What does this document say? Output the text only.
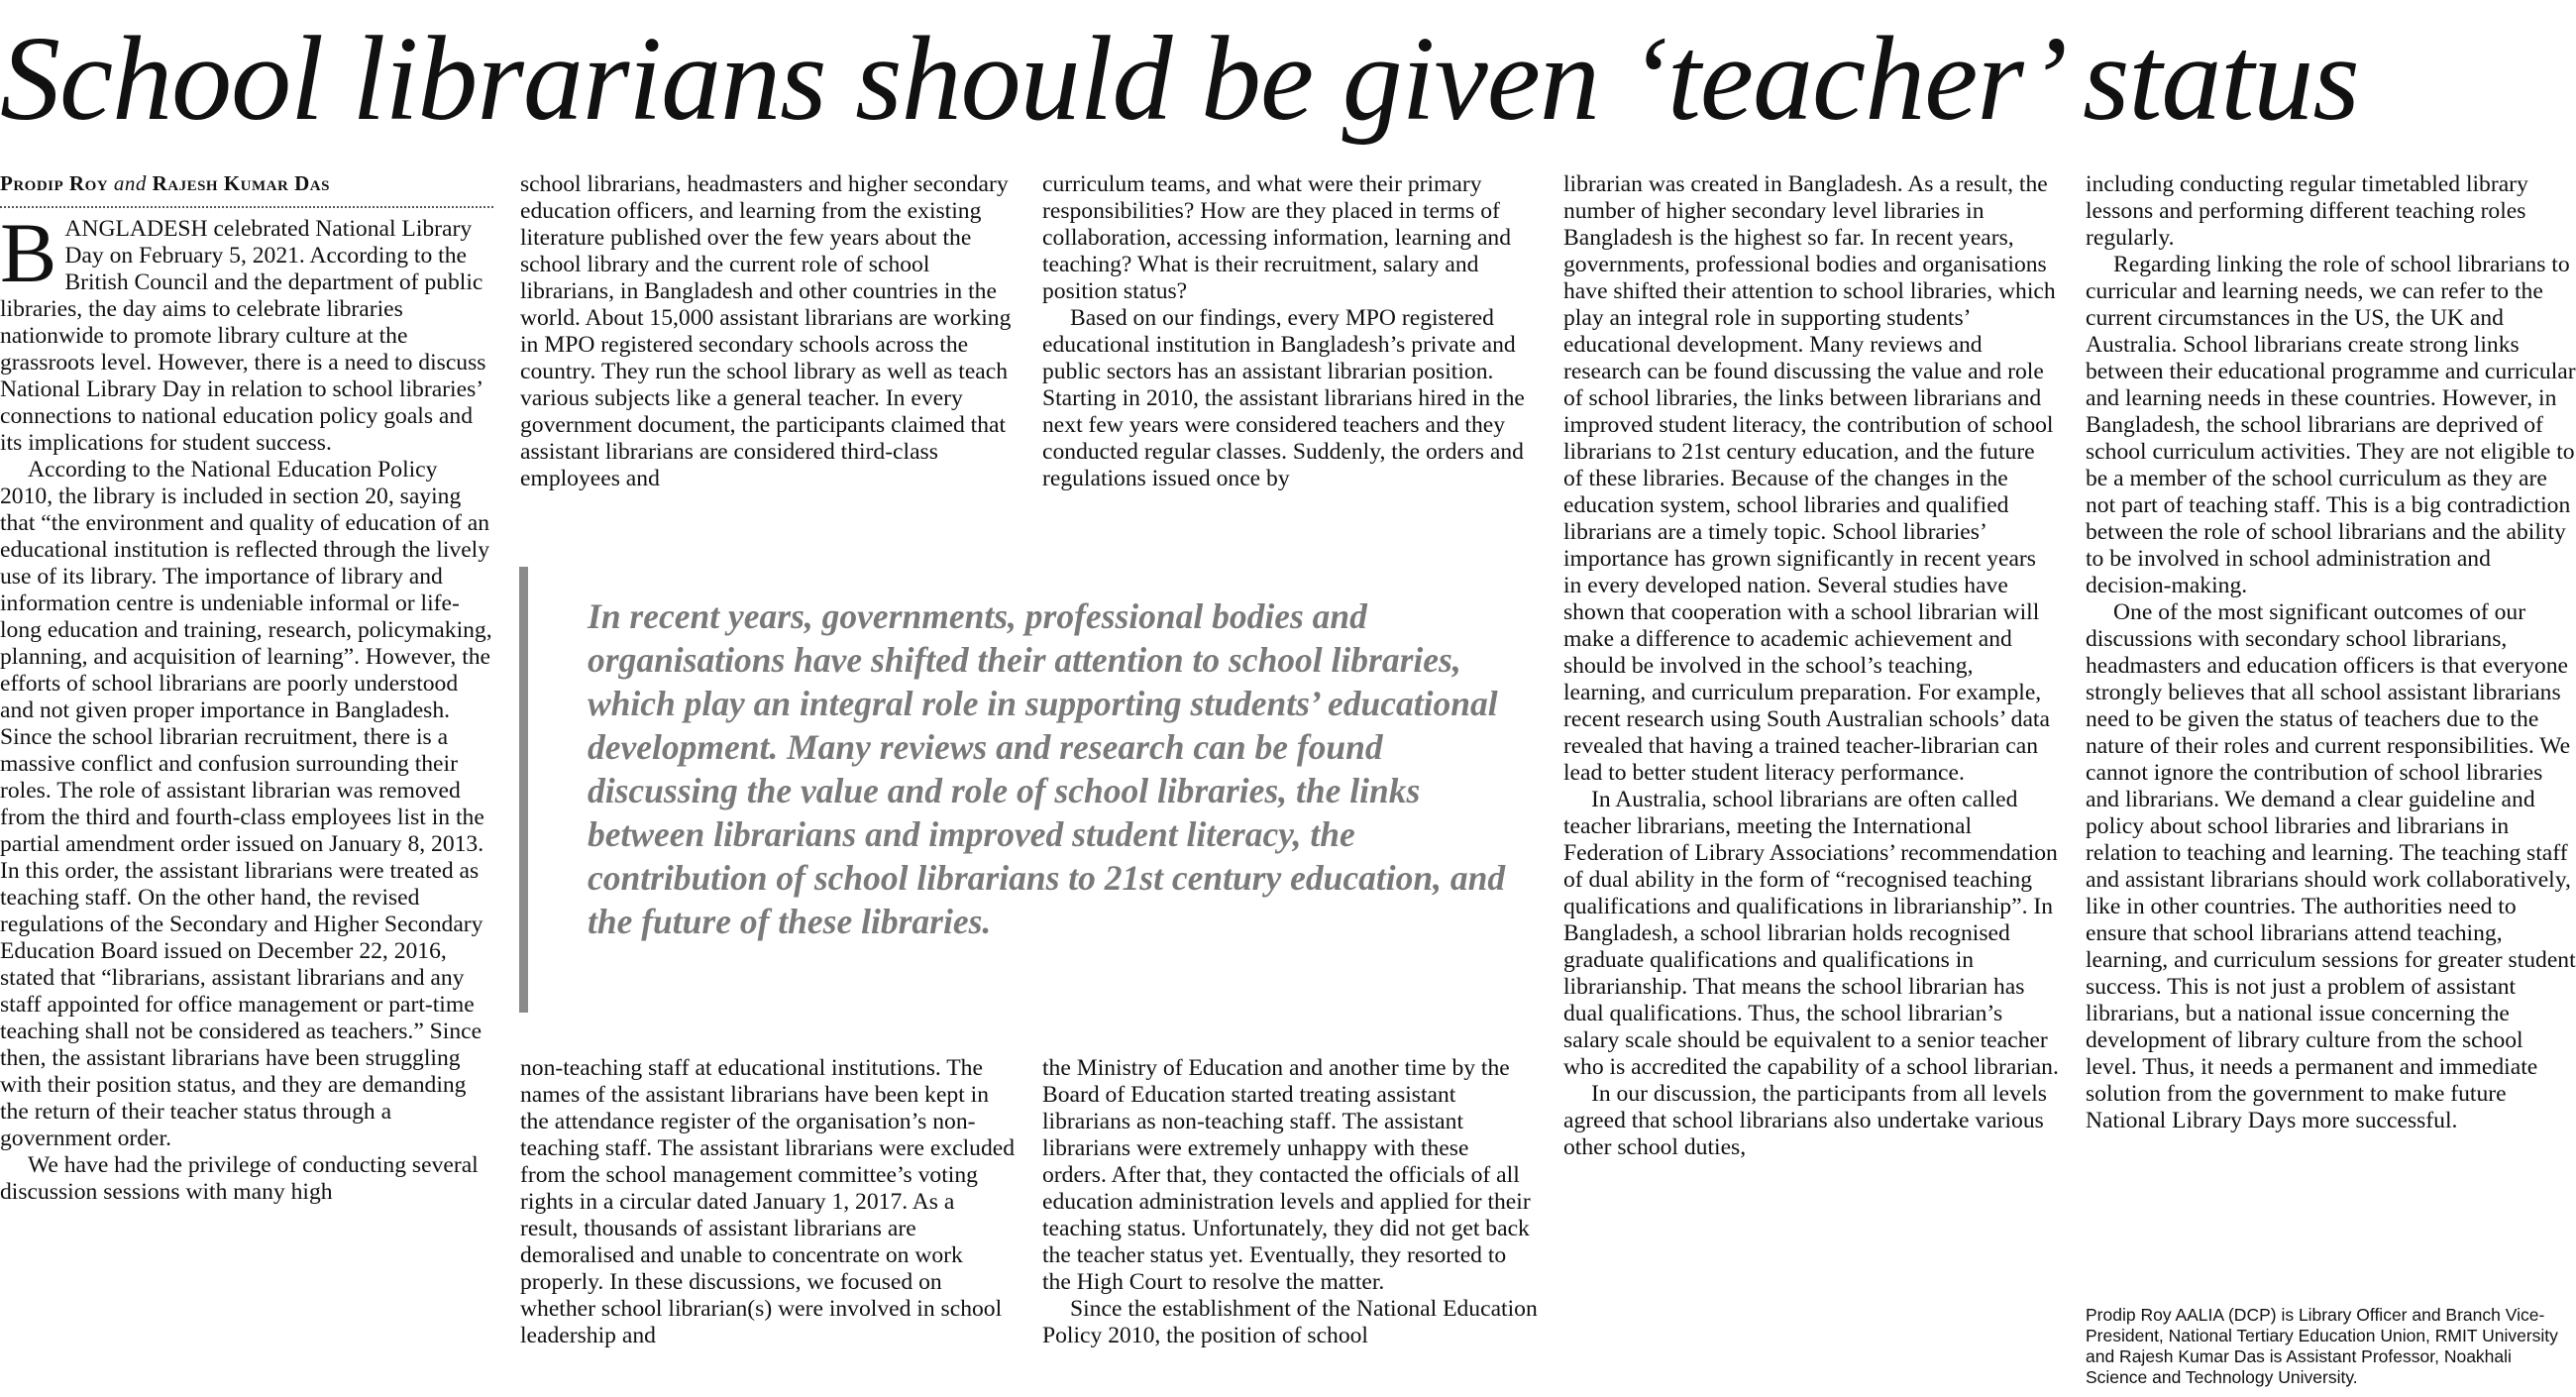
School librarians should be given ‘teacher’ status
Prodip Roy and Rajesh Kumar Das

BANGLADESH celebrated National Library Day on February 5, 2021. According to the British Council and the department of public libraries, the day aims to celebrate libraries nationwide to promote library culture at the grassroots level. However, there is a need to discuss National Library Day in relation to school libraries’ connections to national education policy goals and its implications for student success.

According to the National Education Policy 2010, the library is included in section 20, saying that “the environment and quality of education of an educational institution is reflected through the lively use of its library. The importance of library and information centre is undeniable informal or life-long education and training, research, policymaking, planning, and acquisition of learning”. However, the efforts of school librarians are poorly understood and not given proper importance in Bangladesh. Since the school librarian recruitment, there is a massive conflict and confusion surrounding their roles. The role of assistant librarian was removed from the third and fourth-class employees list in the partial amendment order issued on January 8, 2013. In this order, the assistant librarians were treated as teaching staff. On the other hand, the revised regulations of the Secondary and Higher Secondary Education Board issued on December 22, 2016, stated that “librarians, assistant librarians and any staff appointed for office management or part-time teaching shall not be considered as teachers.” Since then, the assistant librarians have been struggling with their position status, and they are demanding the return of their teacher status through a government order.

We have had the privilege of conducting several discussion sessions with many high

school librarians, headmasters and higher secondary education officers, and learning from the existing literature published over the few years about the school library and the current role of school librarians, in Bangladesh and other countries in the world. About 15,000 assistant librarians are working in MPO registered secondary schools across the country. They run the school library as well as teach various subjects like a general teacher. In every government document, the participants claimed that assistant librarians are considered third-class employees and

curriculum teams, and what were their primary responsibilities? How are they placed in terms of collaboration, accessing information, learning and teaching? What is their recruitment, salary and position status?

Based on our findings, every MPO registered educational institution in Bangladesh’s private and public sectors has an assistant librarian position. Starting in 2010, the assistant librarians hired in the next few years were considered teachers and they conducted regular classes. Suddenly, the orders and regulations issued once by

In recent years, governments, professional bodies and organisations have shifted their attention to school libraries, which play an integral role in supporting students’ educational development. Many reviews and research can be found discussing the value and role of school libraries, the links between librarians and improved student literacy, the contribution of school librarians to 21st century education, and the future of these libraries.

non-teaching staff at educational institutions. The names of the assistant librarians have been kept in the attendance register of the organisation’s non-teaching staff. The assistant librarians were excluded from the school management committee’s voting rights in a circular dated January 1, 2017. As a result, thousands of assistant librarians are demoralised and unable to concentrate on work properly. In these discussions, we focused on whether school librarian(s) were involved in school leadership and

the Ministry of Education and another time by the Board of Education started treating assistant librarians as non-teaching staff. The assistant librarians were extremely unhappy with these orders. After that, they contacted the officials of all education administration levels and applied for their teaching status. Unfortunately, they did not get back the teacher status yet. Eventually, they resorted to the High Court to resolve the matter.

Since the establishment of the National Education Policy 2010, the position of school

librarian was created in Bangladesh. As a result, the number of higher secondary level libraries in Bangladesh is the highest so far. In recent years, governments, professional bodies and organisations have shifted their attention to school libraries, which play an integral role in supporting students’ educational development. Many reviews and research can be found discussing the value and role of school libraries, the links between librarians and improved student literacy, the contribution of school librarians to 21st century education, and the future of these libraries. Because of the changes in the education system, school libraries and qualified librarians are a timely topic. School libraries’ importance has grown significantly in recent years in every developed nation. Several studies have shown that cooperation with a school librarian will make a difference to academic achievement and should be involved in the school’s teaching, learning, and curriculum preparation. For example, recent research using South Australian schools’ data revealed that having a trained teacher-librarian can lead to better student literacy performance.

In Australia, school librarians are often called teacher librarians, meeting the International Federation of Library Associations’ recommendation of dual ability in the form of “recognised teaching qualifications and qualifications in librarianship”. In Bangladesh, a school librarian holds recognised graduate qualifications and qualifications in librarianship. That means the school librarian has dual qualifications. Thus, the school librarian’s salary scale should be equivalent to a senior teacher who is accredited the capability of a school librarian.

In our discussion, the participants from all levels agreed that school librarians also undertake various other school duties,

including conducting regular timetabled library lessons and performing different teaching roles regularly.

Regarding linking the role of school librarians to curricular and learning needs, we can refer to the current circumstances in the US, the UK and Australia. School librarians create strong links between their educational programme and curricular and learning needs in these countries. However, in Bangladesh, the school librarians are deprived of school curriculum activities. They are not eligible to be a member of the school curriculum as they are not part of teaching staff. This is a big contradiction between the role of school librarians and the ability to be involved in school administration and decision-making.

One of the most significant outcomes of our discussions with secondary school librarians, headmasters and education officers is that everyone strongly believes that all school assistant librarians need to be given the status of teachers due to the nature of their roles and current responsibilities. We cannot ignore the contribution of school libraries and librarians. We demand a clear guideline and policy about school libraries and librarians in relation to teaching and learning. The teaching staff and assistant librarians should work collaboratively, like in other countries. The authorities need to ensure that school librarians attend teaching, learning, and curriculum sessions for greater student success. This is not just a problem of assistant librarians, but a national issue concerning the development of library culture from the school level. Thus, it needs a permanent and immediate solution from the government to make future National Library Days more successful.

Prodip Roy AALIA (DCP) is Library Officer and Branch Vice-President, National Tertiary Education Union, RMIT University and Rajesh Kumar Das is Assistant Professor, Noakhali Science and Technology University.
